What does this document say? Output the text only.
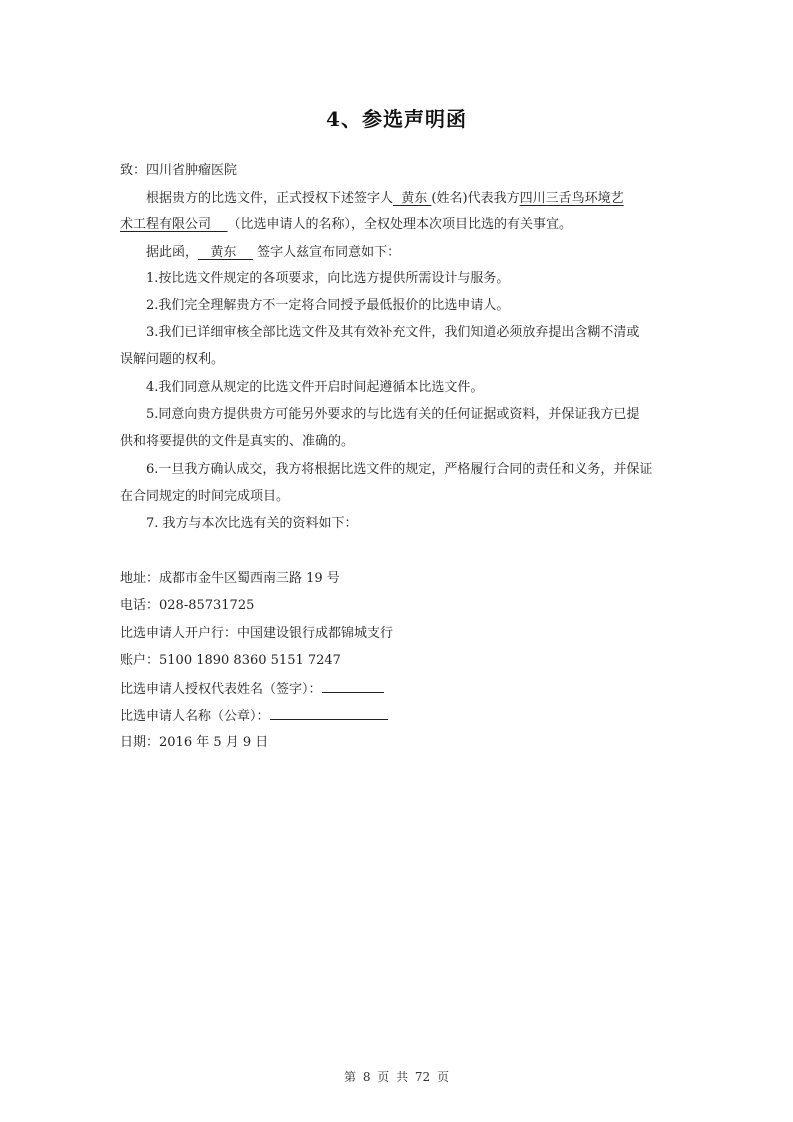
4、参选声明函
致：四川省肿瘤医院
根据贵方的比选文件，正式授权下述签字人  黄东 (姓名)代表我方四川三舌鸟环境艺
术工程有限公司    （比选申请人的名称），全权处理本次项目比选的有关事宜。
据此函，   黄东     签字人兹宣布同意如下：
1.按比选文件规定的各项要求，向比选方提供所需设计与服务。
2.我们完全理解贵方不一定将合同授予最低报价的比选申请人。
3.我们已详细审核全部比选文件及其有效补充文件，我们知道必须放弃提出含糊不清或
误解问题的权利。
4.我们同意从规定的比选文件开启时间起遵循本比选文件。
5.同意向贵方提供贵方可能另外要求的与比选有关的任何证据或资料，并保证我方已提
供和将要提供的文件是真实的、准确的。
6.一旦我方确认成交，我方将根据比选文件的规定，严格履行合同的责任和义务，并保证
在合同规定的时间完成项目。
7. 我方与本次比选有关的资料如下：
地址：成都市金牛区蜀西南三路 19 号
电话：028-85731725
比选申请人开户行：中国建设银行成都锦城支行
账户：5100 1890 8360 5151 7247
比选申请人授权代表姓名（签字）：
比选申请人名称（公章）：
日期：2016 年 5 月 9 日
第 8 页 共 72 页
